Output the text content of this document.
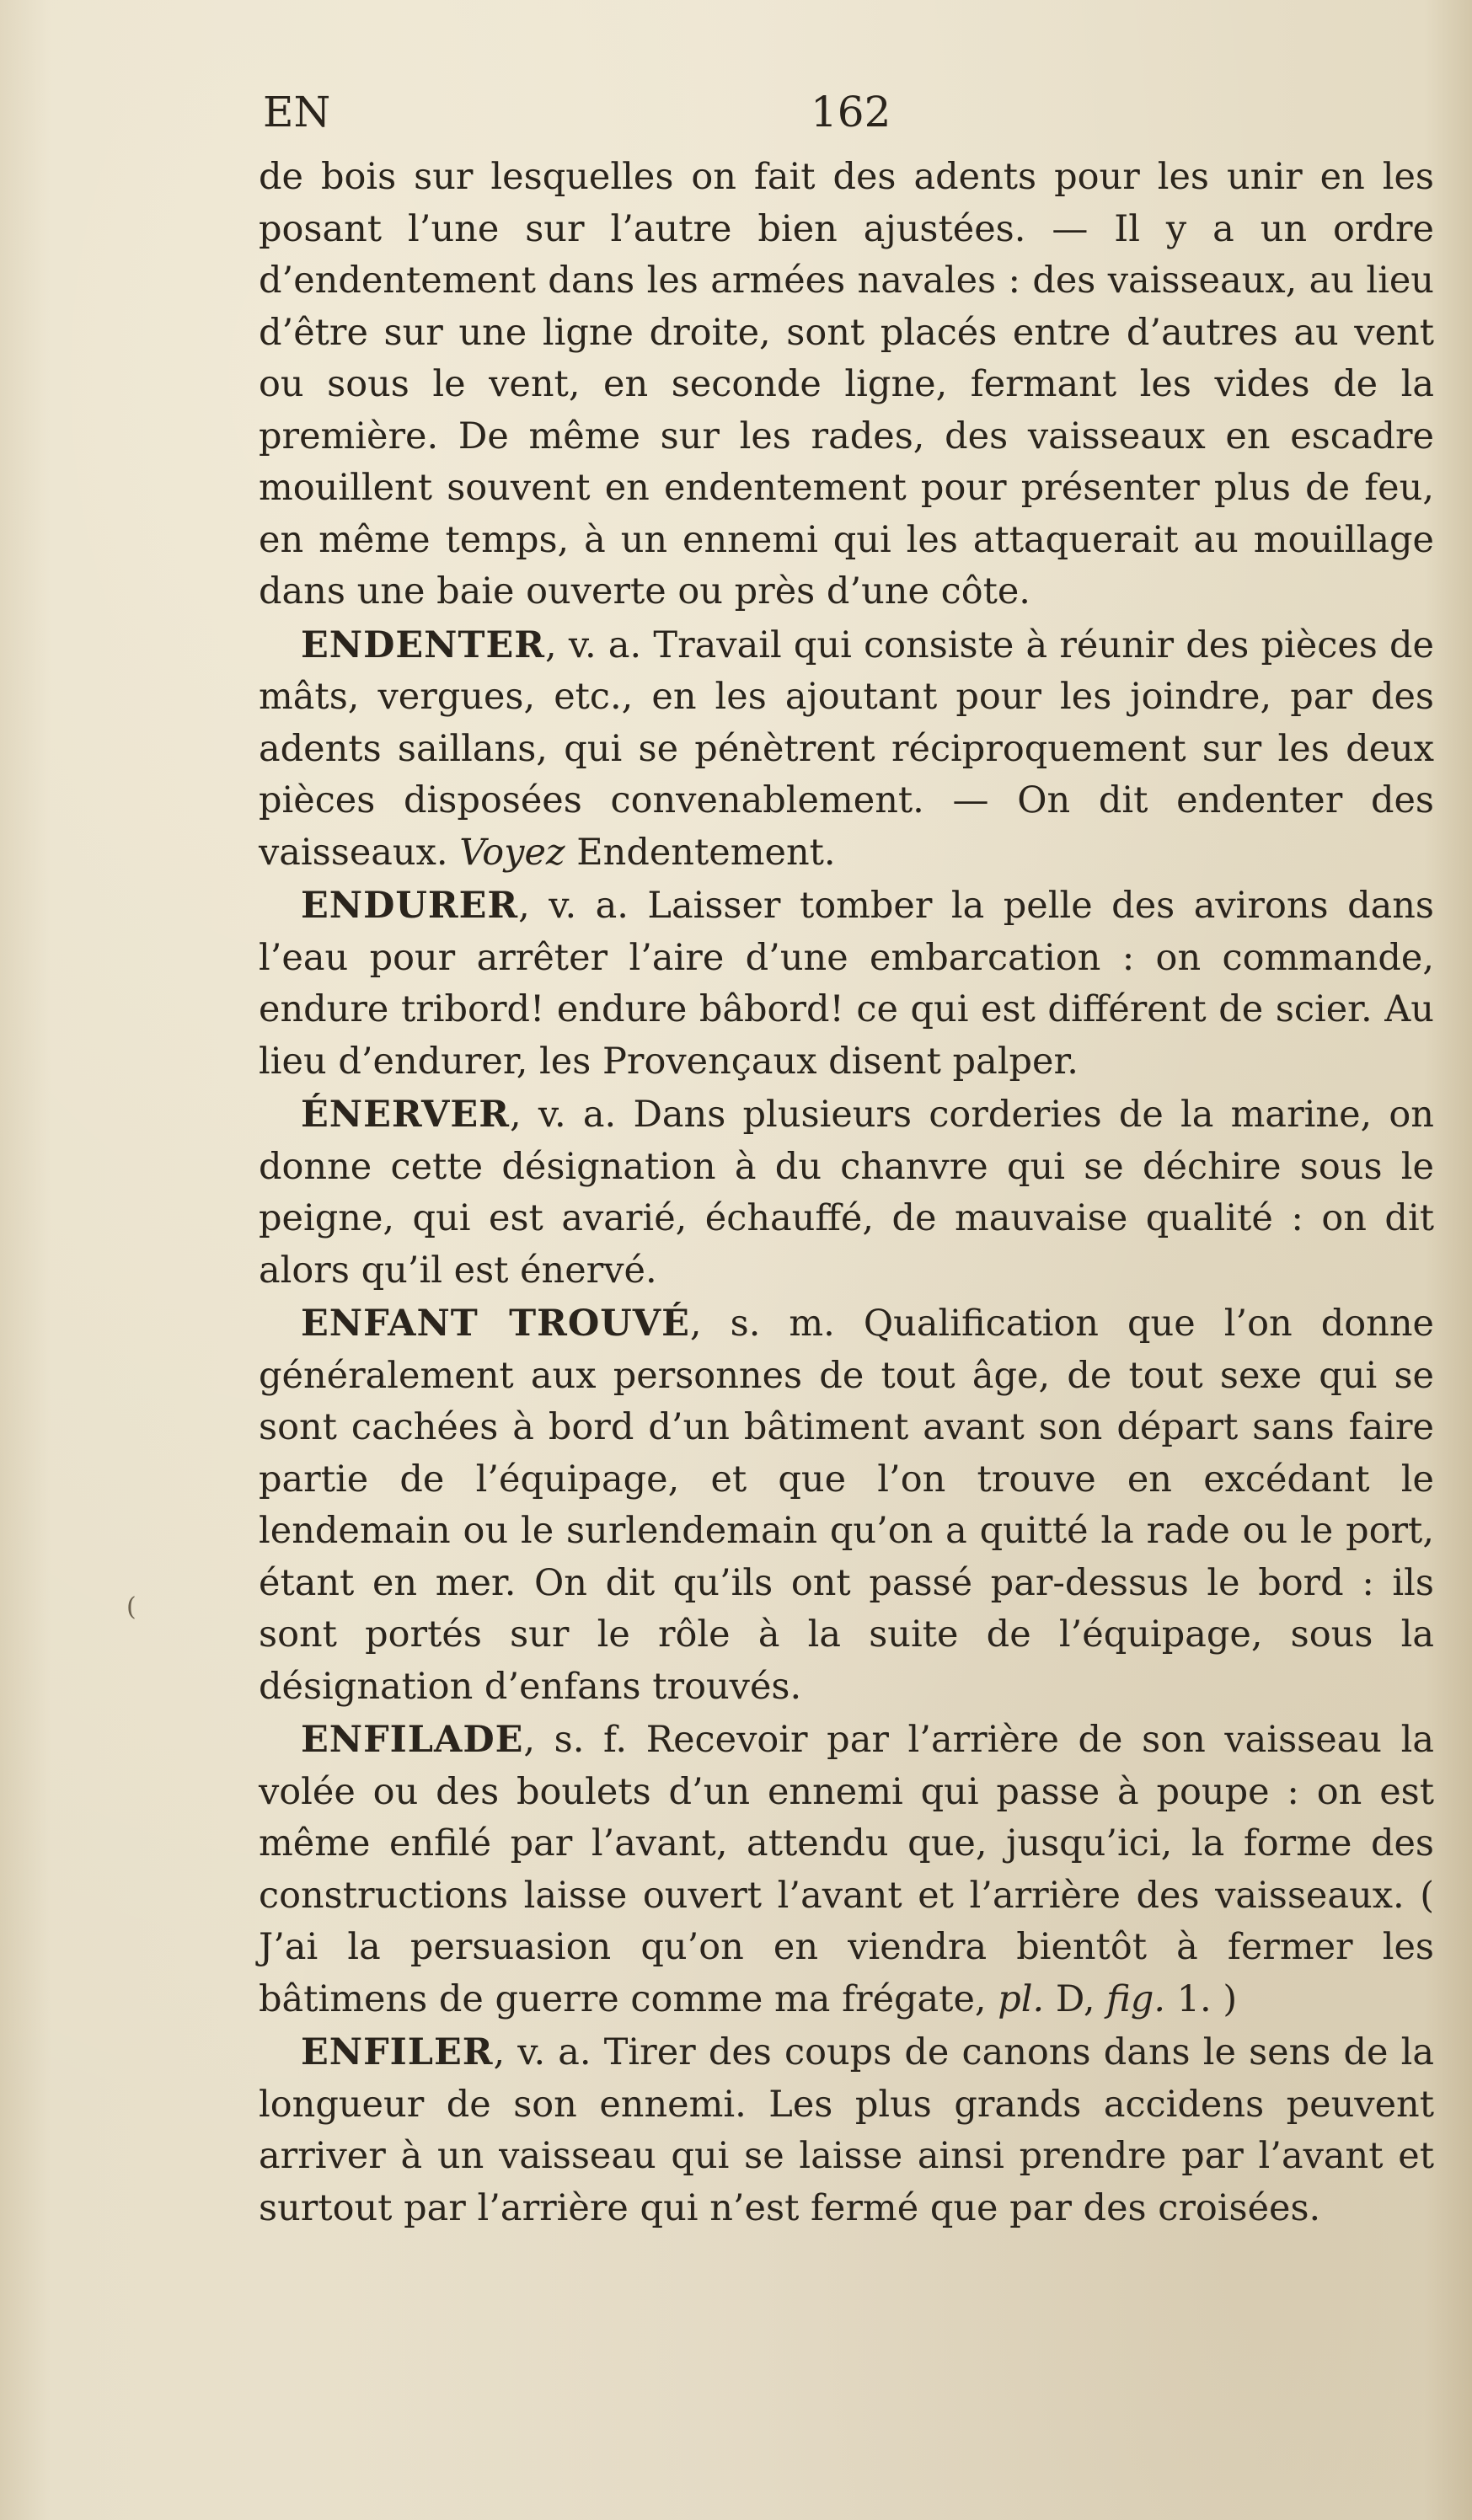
EN	162

de bois sur lesquelles on fait des adents pour les unir en les posant l’une sur l’autre bien ajustées. — Il y a un ordre d’endentement dans les armées navales : des vaisseaux, au lieu d’être sur une ligne droite, sont placés entre d’autres au vent ou sous le vent, en seconde ligne, fermant les vides de la première. De même sur les rades, des vaisseaux en escadre mouillent souvent en endentement pour présenter plus de feu, en même temps, à un ennemi qui les attaquerait au mouillage dans une baie ouverte ou près d’une côte.

ENDENTER, v. a. Travail qui consiste à réunir des pièces de mâts, vergues, etc., en les ajoutant pour les joindre, par des adents saillans, qui se pénètrent réciproquement sur les deux pièces disposées convenablement. — On dit endenter des vaisseaux. Voyez Endentement.

ENDURER, v. a. Laisser tomber la pelle des avirons dans l’eau pour arrêter l’aire d’une embarcation : on commande, endure tribord! endure bâbord! ce qui est différent de scier. Au lieu d’endurer, les Provençaux disent palper.

ÉNERVER, v. a. Dans plusieurs corderies de la marine, on donne cette désignation à du chanvre qui se déchire sous le peigne, qui est avarié, échauffé, de mauvaise qualité : on dit alors qu’il est énervé.

ENFANT TROUVÉ, s. m. Qualification que l’on donne généralement aux personnes de tout âge, de tout sexe qui se sont cachées à bord d’un bâtiment avant son départ sans faire partie de l’équipage, et que l’on trouve en excédant le lendemain ou le surlendemain qu’on a quitté la rade ou le port, étant en mer. On dit qu’ils ont passé par-dessus le bord : ils sont portés sur le rôle à la suite de l’équipage, sous la désignation d’enfans trouvés.

ENFILADE, s. f. Recevoir par l’arrière de son vaisseau la volée ou des boulets d’un ennemi qui passe à poupe : on est même enfilé par l’avant, attendu que, jusqu’ici, la forme des constructions laisse ouvert l’avant et l’arrière des vaisseaux. ( J’ai la persuasion qu’on en viendra bientôt à fermer les bâtimens de guerre comme ma frégate, pl. D, fig. 1. )

ENFILER, v. a. Tirer des coups de canons dans le sens de la longueur de son ennemi. Les plus grands accidens peuvent arriver à un vaisseau qui se laisse ainsi prendre par l’avant et surtout par l’arrière qui n’est fermé que par des croisées.

(
